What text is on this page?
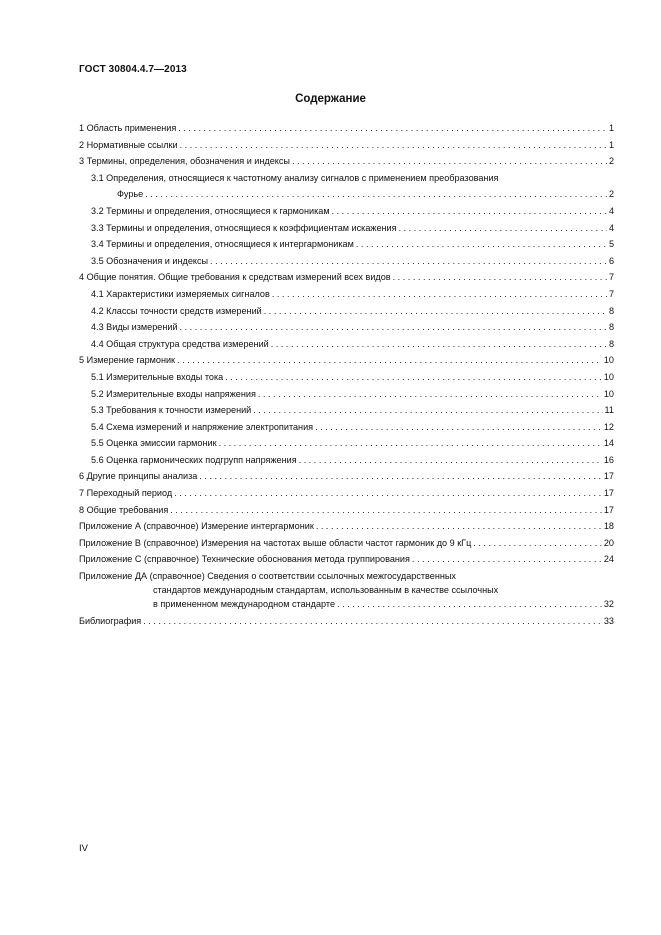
ГОСТ 30804.4.7—2013
Содержание
1 Область применения . . .	1
2 Нормативные ссылки . . .	1
3 Термины, определения, обозначения и индексы . . .	2
3.1 Определения, относящиеся к частотному анализу сигналов с применением преобразования
Фурье . . .	2
3.2 Термины и определения, относящиеся к гармоникам . . .	4
3.3 Термины и определения, относящиеся к коэффициентам искажения . . .	4
3.4 Термины и определения, относящиеся к интергармоникам . . .	5
3.5 Обозначения и индексы . . .	6
4 Общие понятия. Общие требования к средствам измерений всех видов . . .	7
4.1 Характеристики измеряемых сигналов . . .	7
4.2 Классы точности средств измерений . . .	8
4.3 Виды измерений . . .	8
4.4 Общая структура средства измерений . . .	8
5 Измерение гармоник . . .	10
5.1 Измерительные входы тока . . .	10
5.2 Измерительные входы напряжения . . .	10
5.3 Требования к точности измерений . . .	11
5.4 Схема измерений и напряжение электропитания . . .	12
5.5 Оценка эмиссии гармоник . . .	14
5.6 Оценка гармонических подгрупп напряжения . . .	16
6 Другие принципы анализа . . .	17
7 Переходный период . . .	17
8 Общие требования . . .	17
Приложение А (справочное) Измерение интергармоник . . .	18
Приложение В (справочное) Измерения на частотах выше области частот гармоник до 9 кГц . . .	20
Приложение С (справочное) Технические обоснования метода группирования . . .	24
Приложение ДА (справочное) Сведения о соответствии ссылочных межгосударственных
стандартов международным стандартам, использованным в качестве ссылочных
в примененном международном стандарте . . .	32
Библиография . . .	33
IV
